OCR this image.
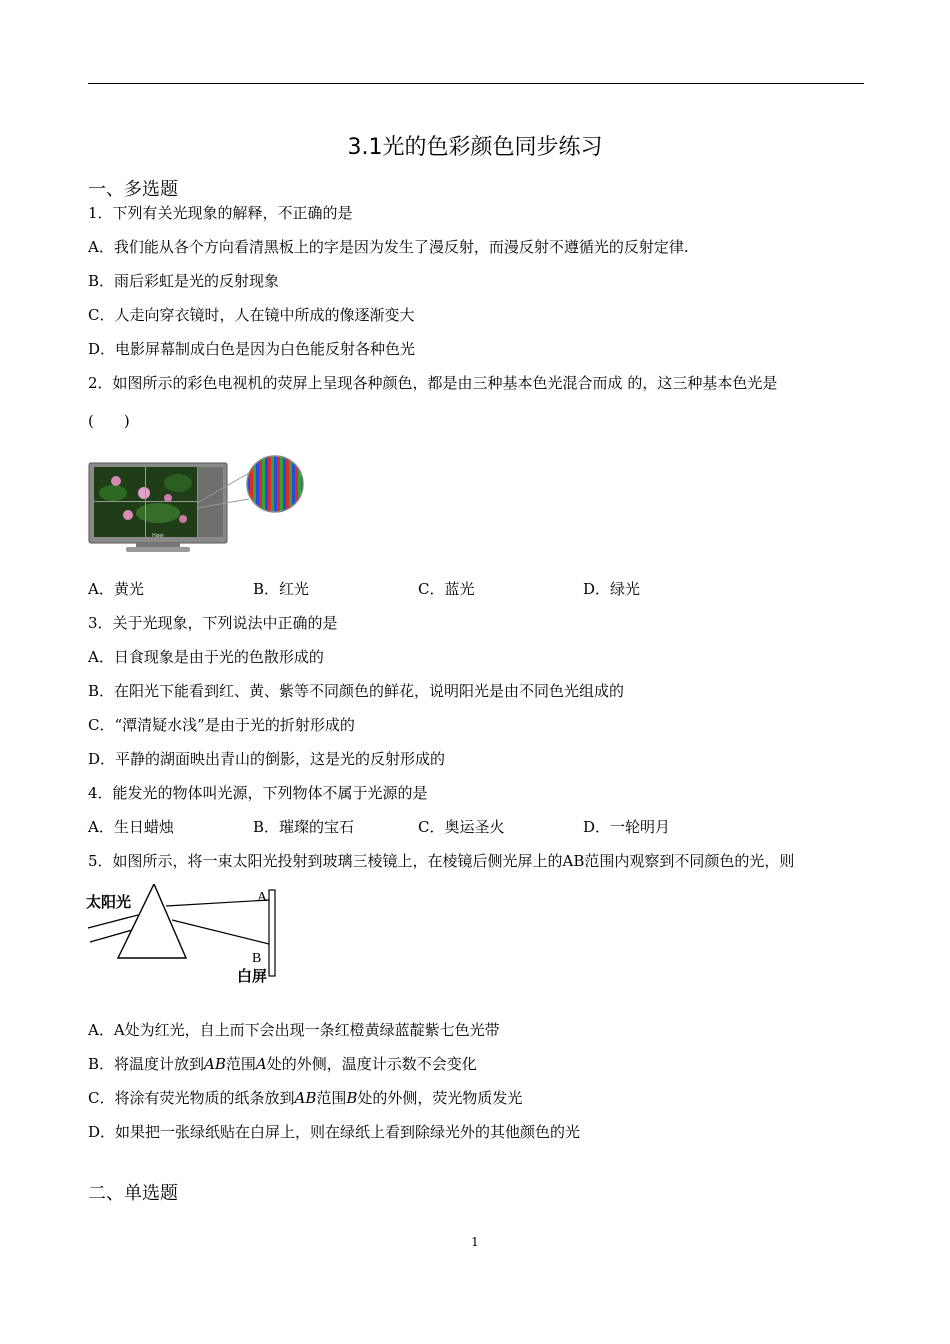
3.1光的色彩颜色同步练习
一、多选题
1．下列有关光现象的解释，不正确的是
A．我们能从各个方向看清黑板上的字是因为发生了漫反射，而漫反射不遵循光的反射定律.
B．雨后彩虹是光的反射现象
C．人走向穿衣镜时，人在镜中所成的像逐渐变大
D．电影屏幕制成白色是因为白色能反射各种色光
2．如图所示的彩色电视机的荧屏上呈现各种颜色，都是由三种基本色光混合而成 的，这三种基本色光是
(　　)
Haier
A．黄光	B．红光	C．蓝光	D．绿光
3．关于光现象，下列说法中正确的是
A．日食现象是由于光的色散形成的
B．在阳光下能看到红、黄、紫等不同颜色的鲜花，说明阳光是由不同色光组成的
C．“潭清疑水浅”是由于光的折射形成的
D．平静的湖面映出青山的倒影，这是光的反射形成的
4．能发光的物体叫光源，下列物体不属于光源的是
A．生日蜡烛	B．璀璨的宝石	C．奥运圣火	D．一轮明月
5．如图所示，将一束太阳光投射到玻璃三棱镜上，在棱镜后侧光屏上的AB范围内观察到不同颜色的光，则
太阳光	A
B
白屏
A．A处为红光，自上而下会出现一条红橙黄绿蓝靛紫七色光带
B．将温度计放到AB范围A处的外侧，温度计示数不会变化
C．将涂有荧光物质的纸条放到AB范围B处的外侧，荧光物质发光
D．如果把一张绿纸贴在白屏上，则在绿纸上看到除绿光外的其他颜色的光
二、单选题
1
